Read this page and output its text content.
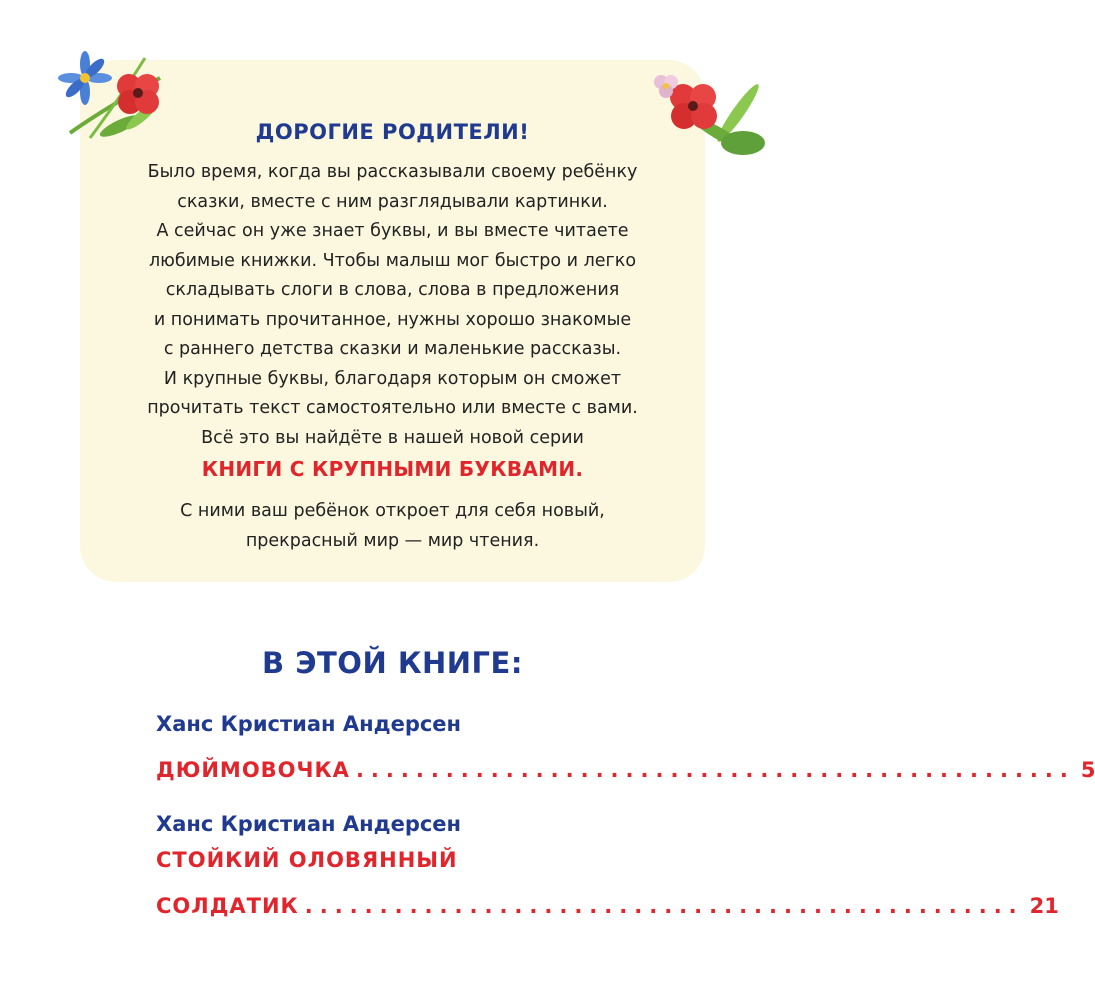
ДОРОГИЕ РОДИТЕЛИ!
Было время, когда вы рассказывали своему ребёнку
сказки, вместе с ним разглядывали картинки.
А сейчас он уже знает буквы, и вы вместе читаете
любимые книжки. Чтобы малыш мог быстро и легко
складывать слоги в слова, слова в предложения
и понимать прочитанное, нужны хорошо знакомые
с раннего детства сказки и маленькие рассказы.
И крупные буквы, благодаря которым он сможет
прочитать текст самостоятельно или вместе с вами.
Всё это вы найдёте в нашей новой серии
КНИГИ С КРУПНЫМИ БУКВАМИ.
С ними ваш ребёнок откроет для себя новый,
прекрасный мир — мир чтения.
В ЭТОЙ КНИГЕ:
Ханс Кристиан Андерсен
ДЮЙМОВОЧКА ................................................ 5
Ханс Кристиан Андерсен
СТОЙКИЙ ОЛОВЯННЫЙ
СОЛДАТИК ................................................ 21
